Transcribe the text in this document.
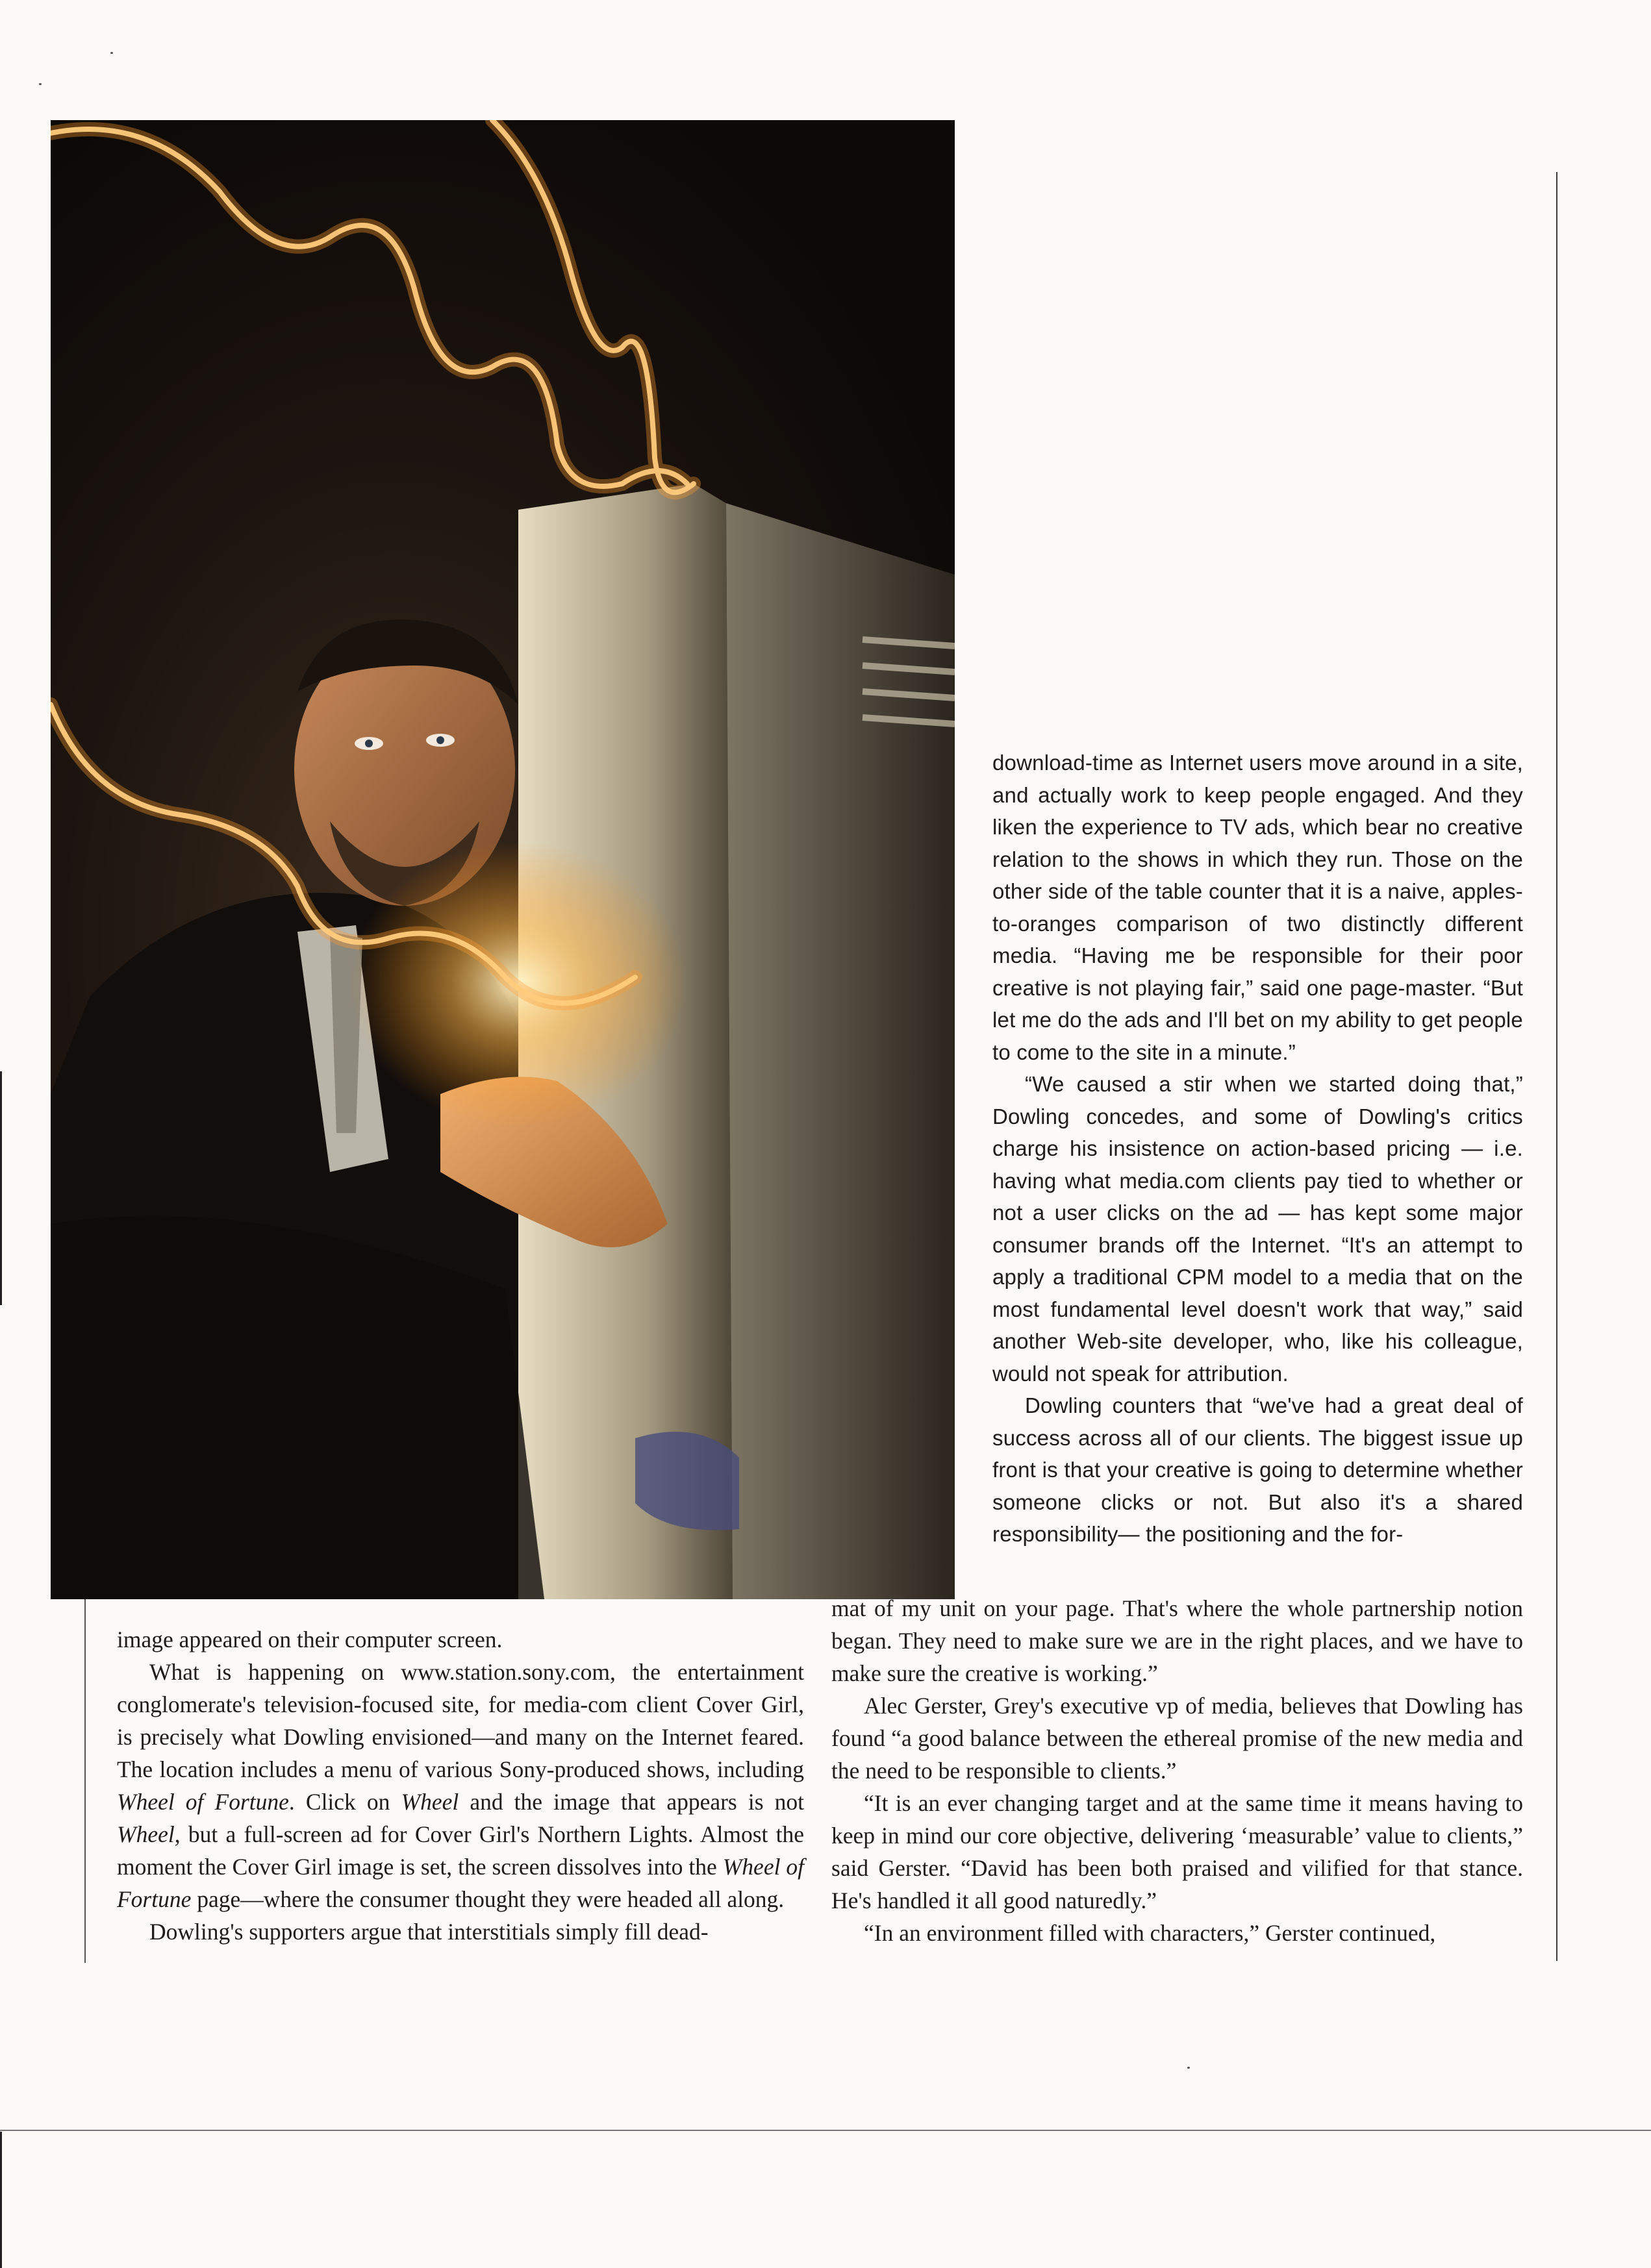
download-time as Internet users move around in a site, and actually work to keep people engaged. And they liken the experience to TV ads, which bear no creative relation to the shows in which they run. Those on the other side of the table counter that it is a naive, apples-to-oranges comparison of two distinctly different media. “Having me be responsible for their poor creative is not playing fair,” said one page-master. “But let me do the ads and I'll bet on my ability to get people to come to the site in a minute.”

“We caused a stir when we started doing that,” Dowling concedes, and some of Dowling's critics charge his insistence on action-based pricing — i.e. having what media.com clients pay tied to whether or not a user clicks on the ad — has kept some major consumer brands off the Internet. “It's an attempt to apply a traditional CPM model to a media that on the most fundamental level doesn't work that way,” said another Web-site developer, who, like his colleague, would not speak for attribution.

Dowling counters that “we've had a great deal of success across all of our clients. The biggest issue up front is that your creative is going to determine whether someone clicks or not. But also it's a shared responsibility— the positioning and the for-

image appeared on their computer screen.

What is happening on www.station.sony.com, the entertainment conglomerate's television-focused site, for media-com client Cover Girl, is precisely what Dowling envisioned—and many on the Internet feared. The location includes a menu of various Sony-produced shows, including Wheel of Fortune. Click on Wheel and the image that appears is not Wheel, but a full-screen ad for Cover Girl's Northern Lights. Almost the moment the Cover Girl image is set, the screen dissolves into the Wheel of Fortune page—where the consumer thought they were headed all along.

Dowling's supporters argue that interstitials simply fill dead-

mat of my unit on your page. That's where the whole partnership notion began. They need to make sure we are in the right places, and we have to make sure the creative is working.”

Alec Gerster, Grey's executive vp of media, believes that Dowling has found “a good balance between the ethereal promise of the new media and the need to be responsible to clients.”

“It is an ever changing target and at the same time it means having to keep in mind our core objective, delivering ‘measurable’ value to clients,” said Gerster. “David has been both praised and vilified for that stance. He's handled it all good naturedly.”

“In an environment filled with characters,” Gerster continued,
